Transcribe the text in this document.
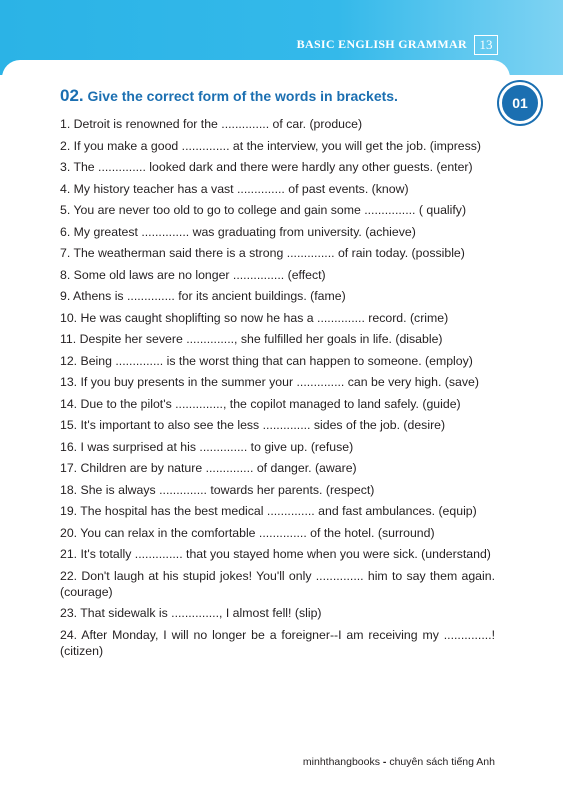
BASIC ENGLISH GRAMMAR 13
01
02. Give the correct form of the words in brackets.
1. Detroit is renowned for the .............. of car. (produce)
2. If you make a good .............. at the interview, you will get the job. (impress)
3. The .............. looked dark and there were hardly any other guests. (enter)
4. My history teacher has a vast .............. of past events. (know)
5. You are never too old to go to college and gain some ............... ( qualify)
6. My greatest .............. was graduating from university. (achieve)
7. The weatherman said there is a strong .............. of rain today. (possible)
8. Some old laws are no longer ............... (effect)
9. Athens is .............. for its ancient buildings. (fame)
10. He was caught shoplifting so now he has a .............. record. (crime)
11. Despite her severe .............., she fulfilled her goals in life. (disable)
12. Being .............. is the worst thing that can happen to someone. (employ)
13. If you buy presents in the summer your .............. can be very high. (save)
14. Due to the pilot's .............., the copilot managed to land safely. (guide)
15. It's important to also see the less .............. sides of the job. (desire)
16. I was surprised at his .............. to give up. (refuse)
17. Children are by nature .............. of danger. (aware)
18. She is always .............. towards her parents. (respect)
19. The hospital has the best medical .............. and fast ambulances. (equip)
20. You can relax in the comfortable .............. of the hotel. (surround)
21. It's totally .............. that you stayed home when you were sick. (understand)
22. Don't laugh at his stupid jokes! You'll only .............. him to say them again. (courage)
23. That sidewalk is .............., I almost fell! (slip)
24. After Monday, I will no longer be a foreigner--I am receiving my ..............! (citizen)
minhthangbooks - chuyên sách tiếng Anh
